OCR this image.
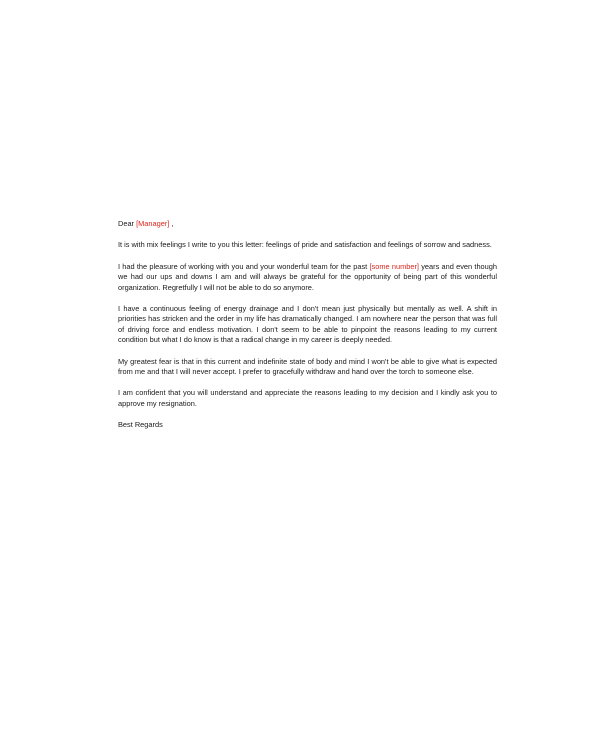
Dear [Manager] ,

It is with mix feelings I write to you this letter: feelings of pride and satisfaction and feelings of sorrow and sadness.

I had the pleasure of working with you and your wonderful team for the past [some number] years and even though we had our ups and downs I am and will always be grateful for the opportunity of being part of this wonderful organization. Regretfully I will not be able to do so anymore.

I have a continuous feeling of energy drainage and I don't mean just physically but mentally as well. A shift in priorities has stricken and the order in my life has dramatically changed. I am nowhere near the person that was full of driving force and endless motivation. I don't seem to be able to pinpoint the reasons leading to my current condition but what I do know is that a radical change in my career is deeply needed.

My greatest fear is that in this current and indefinite state of body and mind I won't be able to give what is expected from me and that I will never accept. I prefer to gracefully withdraw and hand over the torch to someone else.

I am confident that you will understand and appreciate the reasons leading to my decision and I kindly ask you to approve my resignation.

Best Regards
